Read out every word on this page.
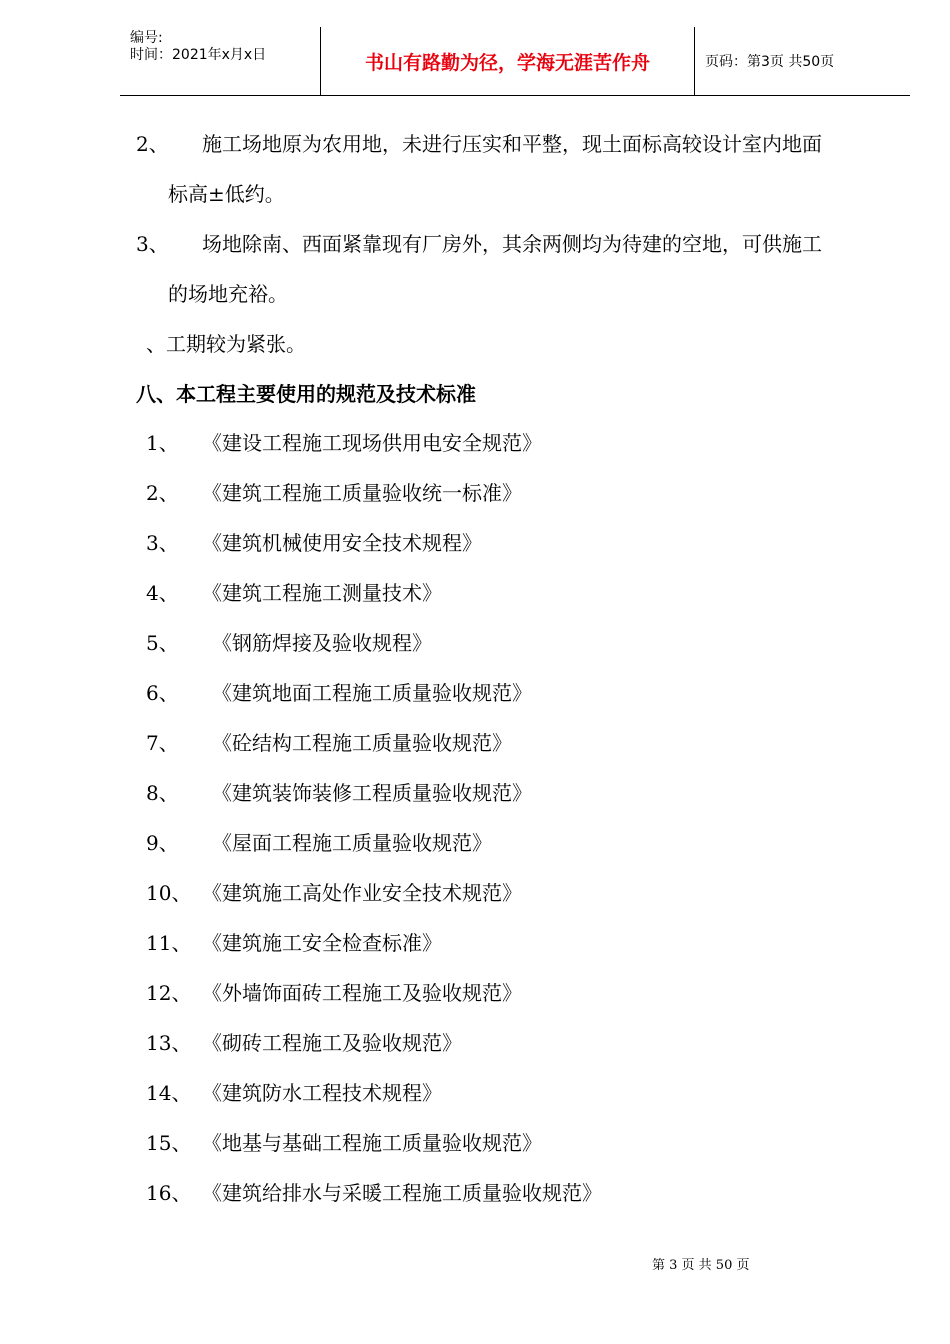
编号:
时间：2021年x月x日	书山有路勤为径，学海无涯苦作舟	页码：第3页 共50页
2、 施工场地原为农用地，未进行压实和平整，现土面标高较设计室内地面
标高±低约。
3、 场地除南、西面紧靠现有厂房外，其余两侧均为待建的空地，可供施工
的场地充裕。
、工期较为紧张。
八、本工程主要使用的规范及技术标准
1、 《建设工程施工现场供用电安全规范》
2、 《建筑工程施工质量验收统一标准》
3、 《建筑机械使用安全技术规程》
4、 《建筑工程施工测量技术》
5、 《钢筋焊接及验收规程》
6、 《建筑地面工程施工质量验收规范》
7、 《砼结构工程施工质量验收规范》
8、 《建筑装饰装修工程质量验收规范》
9、 《屋面工程施工质量验收规范》
10、 《建筑施工高处作业安全技术规范》
11、 《建筑施工安全检查标准》
12、 《外墙饰面砖工程施工及验收规范》
13、 《砌砖工程施工及验收规范》
14、 《建筑防水工程技术规程》
15、 《地基与基础工程施工质量验收规范》
16、 《建筑给排水与采暖工程施工质量验收规范》
第 3 页 共 50 页
